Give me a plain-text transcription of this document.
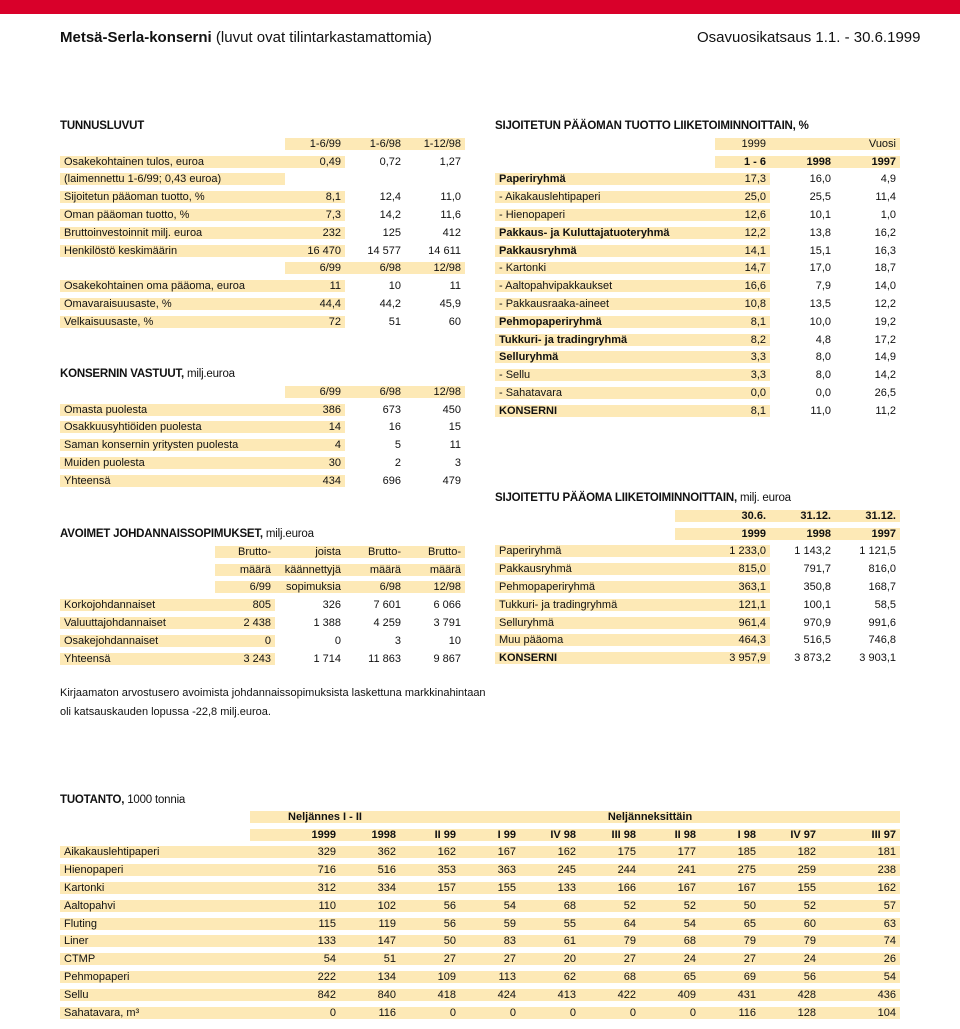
Metsä-Serla-konserni (luvut ovat tilintarkastamattomia)	Osavuosikatsaus 1.1. - 30.6.1999
TUNNUSLUVUT
1-6/99	1-6/98	1-12/98
Osakekohtainen tulos, euroa	0,49	0,72	1,27
(laimennettu 1-6/99; 0,43 euroa)
Sijoitetun pääoman tuotto, %	8,1	12,4	11,0
Oman pääoman tuotto, %	7,3	14,2	11,6
Bruttoinvestoinnit milj. euroa	232	125	412
Henkilöstö keskimäärin	16 470	14 577	14 611
6/99	6/98	12/98
Osakekohtainen oma pääoma, euroa	11	10	11
Omavaraisuusaste, %	44,4	44,2	45,9
Velkaisuusaste, %	72	51	60
KONSERNIN VASTUUT, milj.euroa
6/99	6/98	12/98
Omasta puolesta	386	673	450
Osakkuusyhtiöiden puolesta	14	16	15
Saman konsernin yritysten puolesta	4	5	11
Muiden puolesta	30	2	3
Yhteensä	434	696	479
AVOIMET JOHDANNAISSOPIMUKSET, milj.euroa
Brutto-	joista	Brutto-	Brutto-
määrä	käännettyjä	määrä	määrä
6/99	sopimuksia	6/98	12/98
Korkojohdannaiset	805	326	7 601	6 066
Valuuttajohdannaiset	2 438	1 388	4 259	3 791
Osakejohdannaiset	0	0	3	10
Yhteensä	3 243	1 714	11 863	9 867
SIJOITETUN PÄÄOMAN TUOTTO LIIKETOIMINNOITTAIN, %
1999	Vuosi
1 - 6	1998	1997
Paperiryhmä	17,3	16,0	4,9
- Aikakauslehtipaperi	25,0	25,5	11,4
- Hienopaperi	12,6	10,1	1,0
Pakkaus- ja Kuluttajatuoteryhmä	12,2	13,8	16,2
Pakkausryhmä	14,1	15,1	16,3
- Kartonki	14,7	17,0	18,7
- Aaltopahvipakkaukset	16,6	7,9	14,0
- Pakkausraaka-aineet	10,8	13,5	12,2
Pehmopaperiryhmä	8,1	10,0	19,2
Tukkuri- ja tradingryhmä	8,2	4,8	17,2
Selluryhmä	3,3	8,0	14,9
- Sellu	3,3	8,0	14,2
- Sahatavara	0,0	0,0	26,5
KONSERNI	8,1	11,0	11,2
SIJOITETTU PÄÄOMA LIIKETOIMINNOITTAIN, milj. euroa
30.6.	31.12.	31.12.
1999	1998	1997
Paperiryhmä	1 233,0	1 143,2	1 121,5
Pakkausryhmä	815,0	791,7	816,0
Pehmopaperiryhmä	363,1	350,8	168,7
Tukkuri- ja tradingryhmä	121,1	100,1	58,5
Selluryhmä	961,4	970,9	991,6
Muu pääoma	464,3	516,5	746,8
KONSERNI	3 957,9	3 873,2	3 903,1
Kirjaamaton arvostusero avoimista johdannaissopimuksista laskettuna markkinahintaan
oli katsauskauden lopussa -22,8 milj.euroa.
TUOTANTO, 1000 tonnia
Neljännes I - II	Neljänneksittäin
1999	1998	II 99	I 99	IV 98	III 98	II 98	I 98	IV 97	III 97
Aikakauslehtipaperi	329	362	162	167	162	175	177	185	182	181
Hienopaperi	716	516	353	363	245	244	241	275	259	238
Kartonki	312	334	157	155	133	166	167	167	155	162
Aaltopahvi	110	102	56	54	68	52	52	50	52	57
Fluting	115	119	56	59	55	64	54	65	60	63
Liner	133	147	50	83	61	79	68	79	79	74
CTMP	54	51	27	27	20	27	24	27	24	26
Pehmopaperi	222	134	109	113	62	68	65	69	56	54
Sellu	842	840	418	424	413	422	409	431	428	436
Sahatavara, m³	0	116	0	0	0	0	0	116	128	104
